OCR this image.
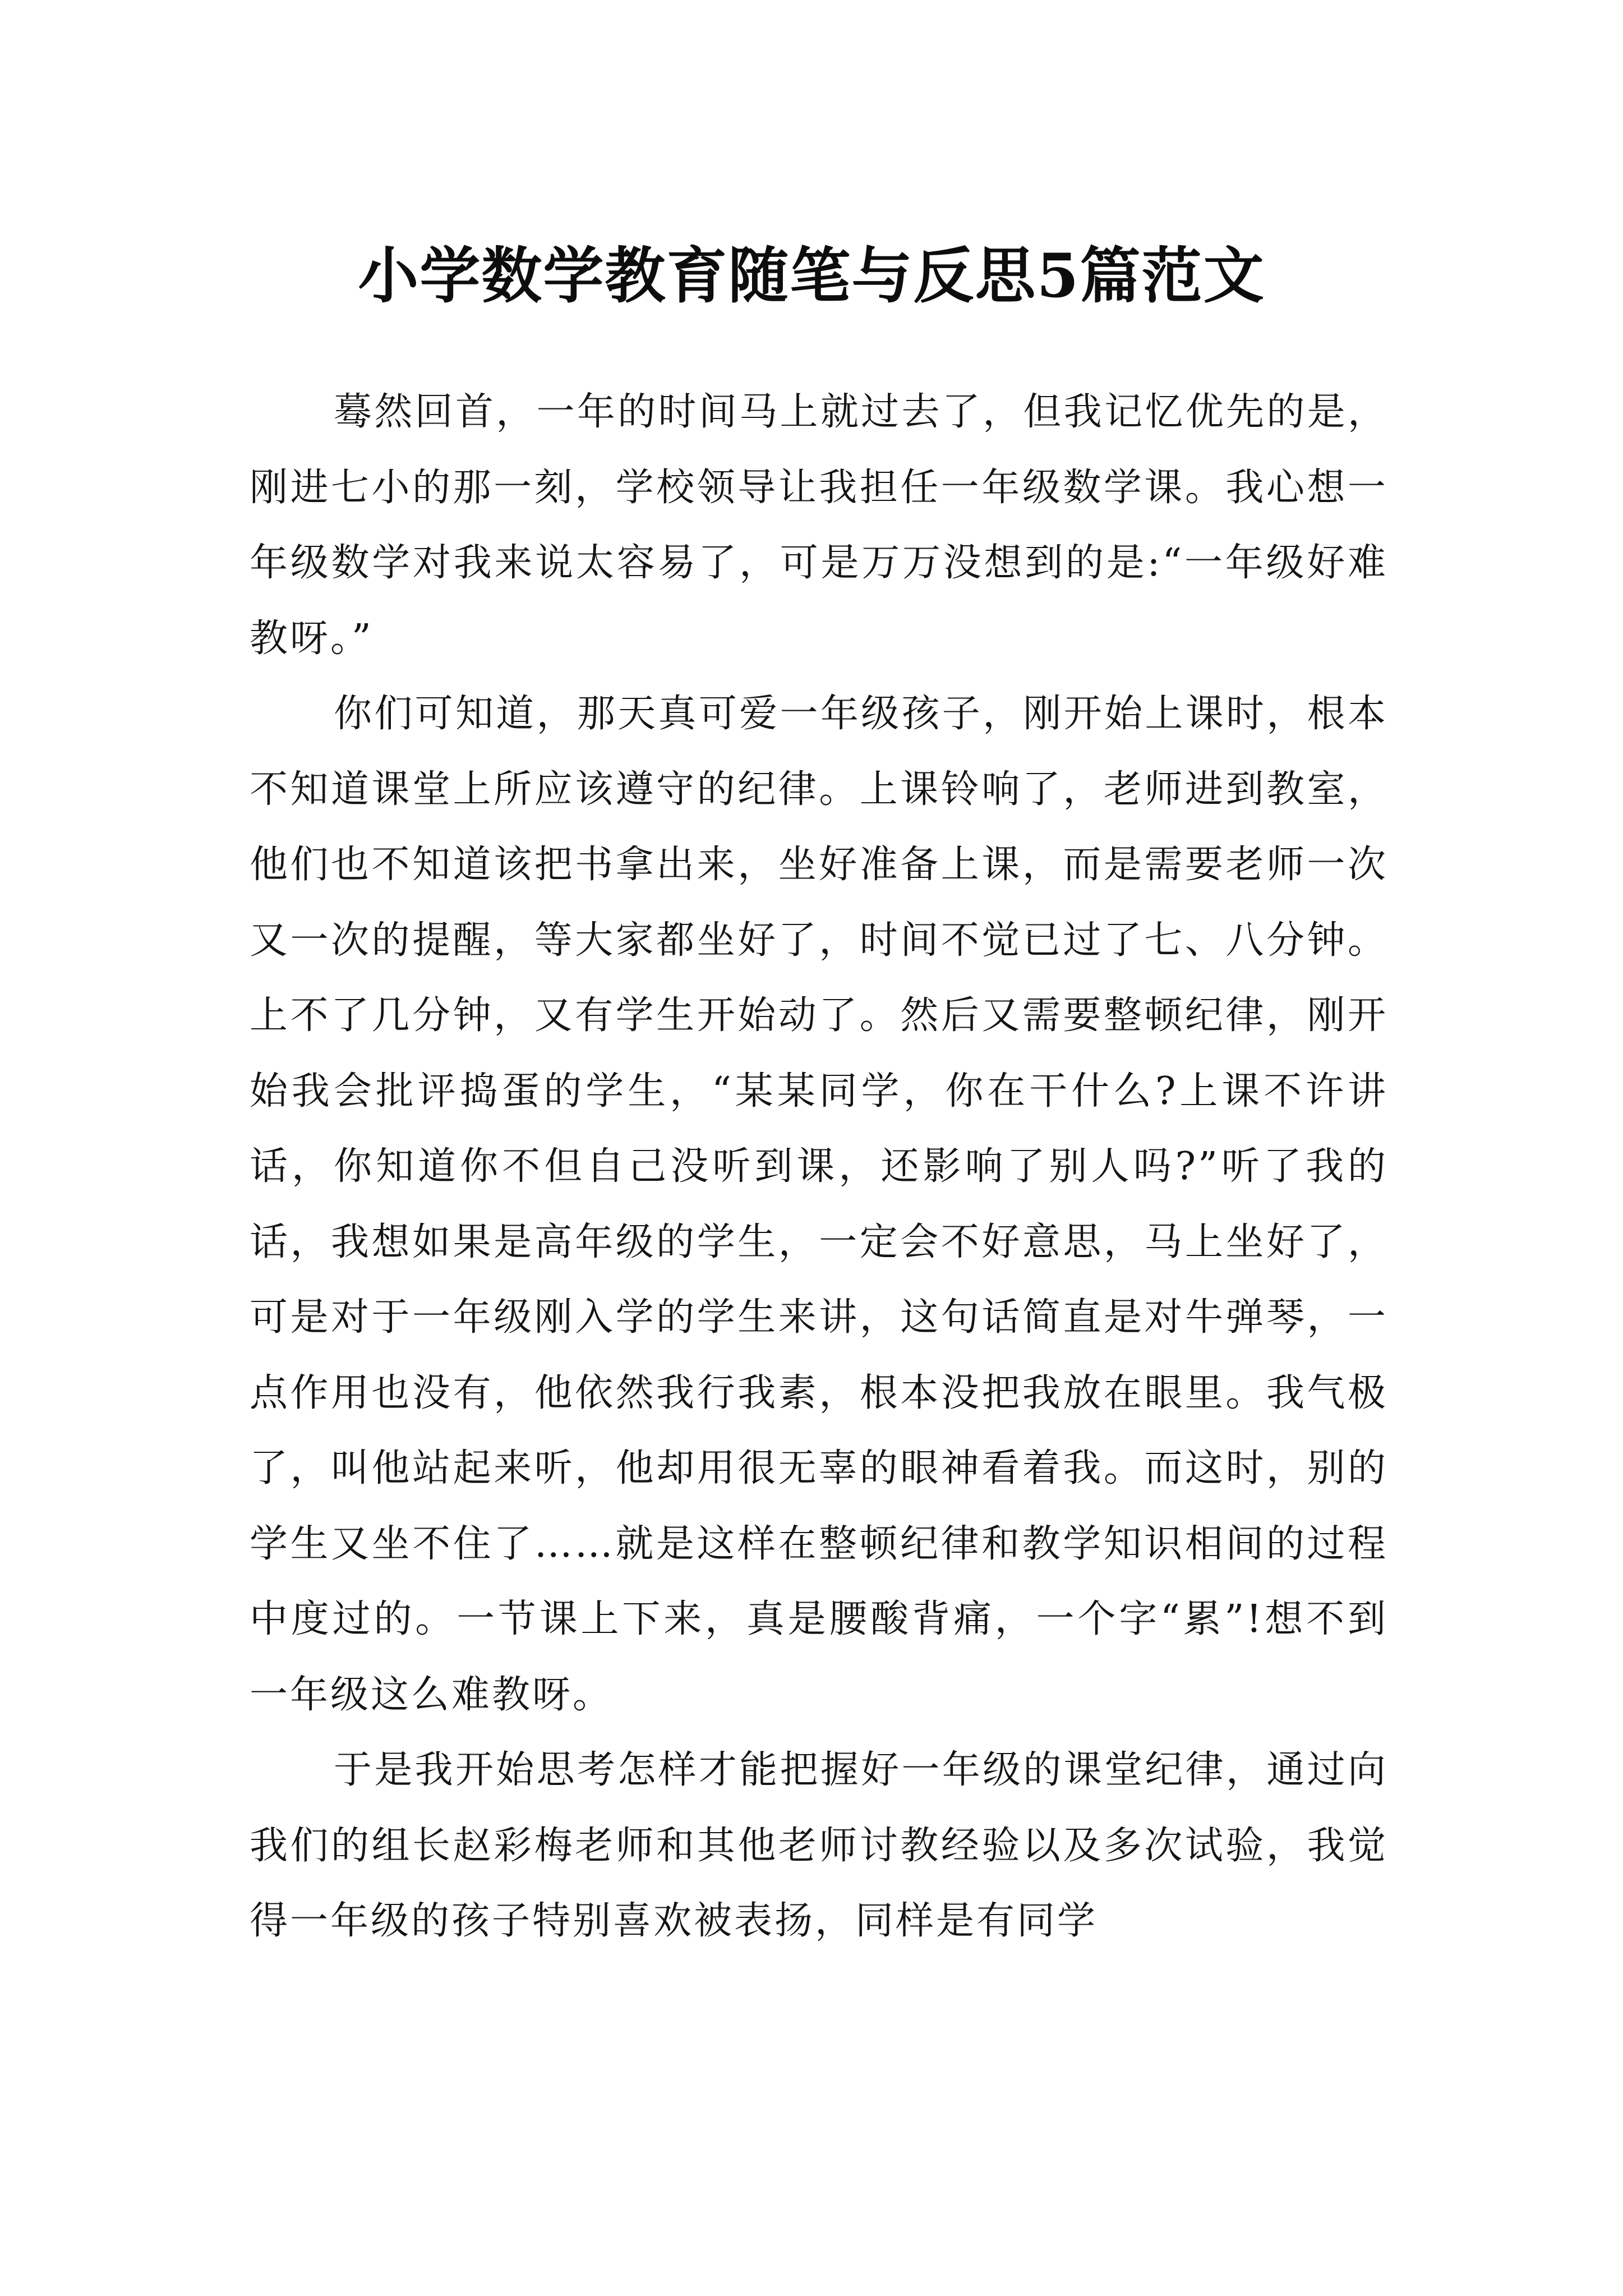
小学数学教育随笔与反思5篇范文

蓦然回首，一年的时间马上就过去了，但我记忆优先的是，刚进七小的那一刻，学校领导让我担任一年级数学课。我心想一年级数学对我来说太容易了，可是万万没想到的是:“一年级好难教呀。”

你们可知道，那天真可爱一年级孩子，刚开始上课时，根本不知道课堂上所应该遵守的纪律。上课铃响了，老师进到教室，他们也不知道该把书拿出来，坐好准备上课，而是需要老师一次又一次的提醒，等大家都坐好了，时间不觉已过了七、八分钟。上不了几分钟，又有学生开始动了。然后又需要整顿纪律，刚开始我会批评捣蛋的学生，“某某同学，你在干什么?上课不许讲话，你知道你不但自己没听到课，还影响了别人吗?”听了我的话，我想如果是高年级的学生，一定会不好意思，马上坐好了，可是对于一年级刚入学的学生来讲，这句话简直是对牛弹琴，一点作用也没有，他依然我行我素，根本没把我放在眼里。我气极了，叫他站起来听，他却用很无辜的眼神看着我。而这时，别的学生又坐不住了……就是这样在整顿纪律和教学知识相间的过程中度过的。一节课上下来，真是腰酸背痛，一个字“累”!想不到一年级这么难教呀。

于是我开始思考怎样才能把握好一年级的课堂纪律，通过向我们的组长赵彩梅老师和其他老师讨教经验以及多次试验，我觉得一年级的孩子特别喜欢被表扬，同样是有同学
